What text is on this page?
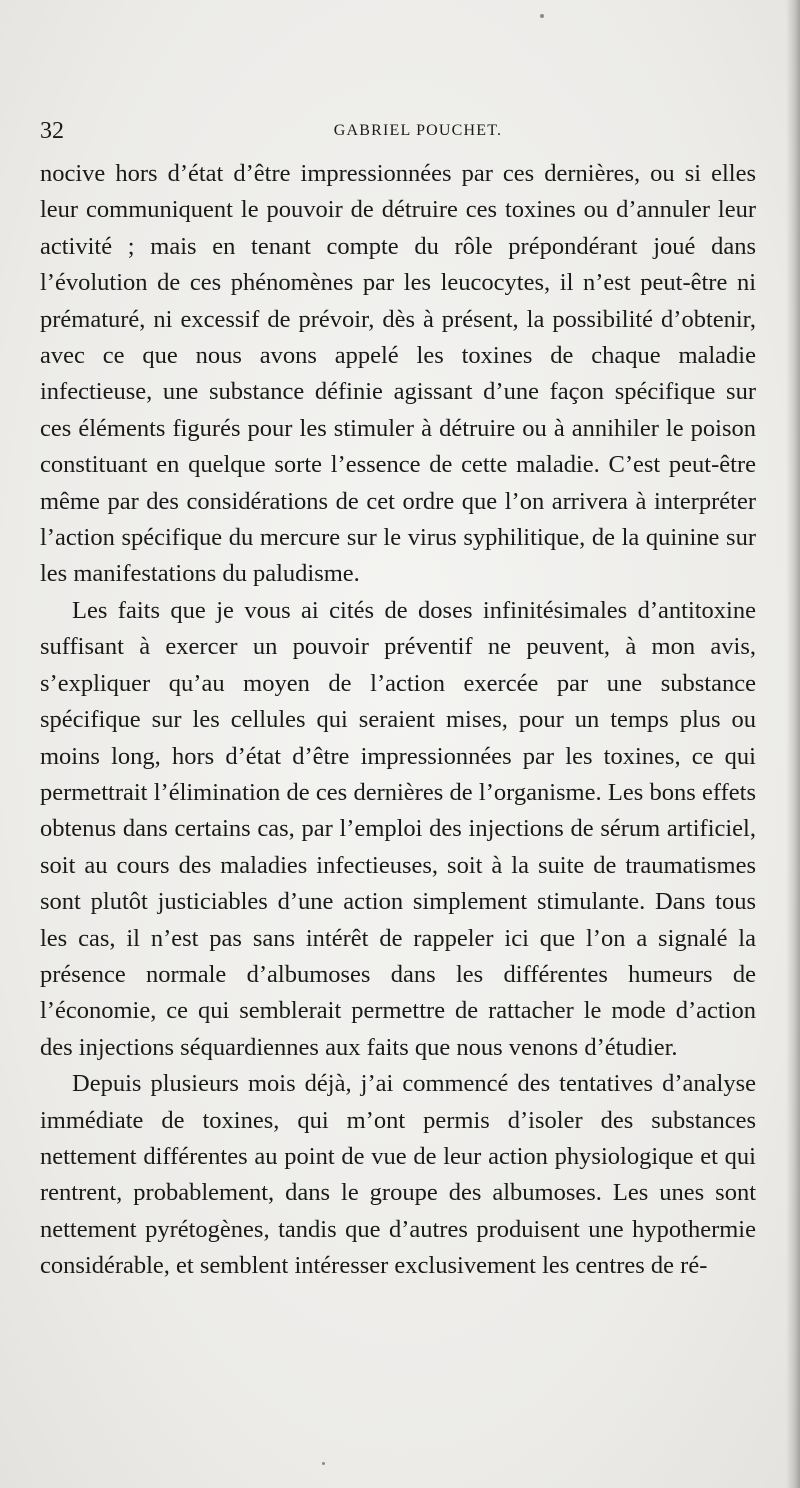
32	GABRIEL POUCHET.

nocive hors d’état d’être impressionnées par ces dernières, ou si elles leur communiquent le pouvoir de détruire ces toxines ou d’annuler leur activité ; mais en tenant compte du rôle prépondérant joué dans l’évolution de ces phénomènes par les leucocytes, il n’est peut-être ni prématuré, ni excessif de prévoir, dès à présent, la possibilité d’obtenir, avec ce que nous avons appelé les toxines de chaque maladie infectieuse, une substance définie agissant d’une façon spécifique sur ces éléments figurés pour les stimuler à détruire ou à annihiler le poison constituant en quelque sorte l’essence de cette maladie. C’est peut-être même par des considérations de cet ordre que l’on arrivera à interpréter l’action spécifique du mercure sur le virus syphilitique, de la quinine sur les manifestations du paludisme.

Les faits que je vous ai cités de doses infinitésimales d’antitoxine suffisant à exercer un pouvoir préventif ne peuvent, à mon avis, s’expliquer qu’au moyen de l’action exercée par une substance spécifique sur les cellules qui seraient mises, pour un temps plus ou moins long, hors d’état d’être impressionnées par les toxines, ce qui permettrait l’élimination de ces dernières de l’organisme. Les bons effets obtenus dans certains cas, par l’emploi des injections de sérum artificiel, soit au cours des maladies infectieuses, soit à la suite de traumatismes sont plutôt justiciables d’une action simplement stimulante. Dans tous les cas, il n’est pas sans intérêt de rappeler ici que l’on a signalé la présence normale d’albumoses dans les différentes humeurs de l’économie, ce qui semblerait permettre de rattacher le mode d’action des injections séquardiennes aux faits que nous venons d’étudier.

Depuis plusieurs mois déjà, j’ai commencé des tentatives d’analyse immédiate de toxines, qui m’ont permis d’isoler des substances nettement différentes au point de vue de leur action physiologique et qui rentrent, probablement, dans le groupe des albumoses. Les unes sont nettement pyrétogènes, tandis que d’autres produisent une hypothermie considérable, et semblent intéresser exclusivement les centres de ré-
